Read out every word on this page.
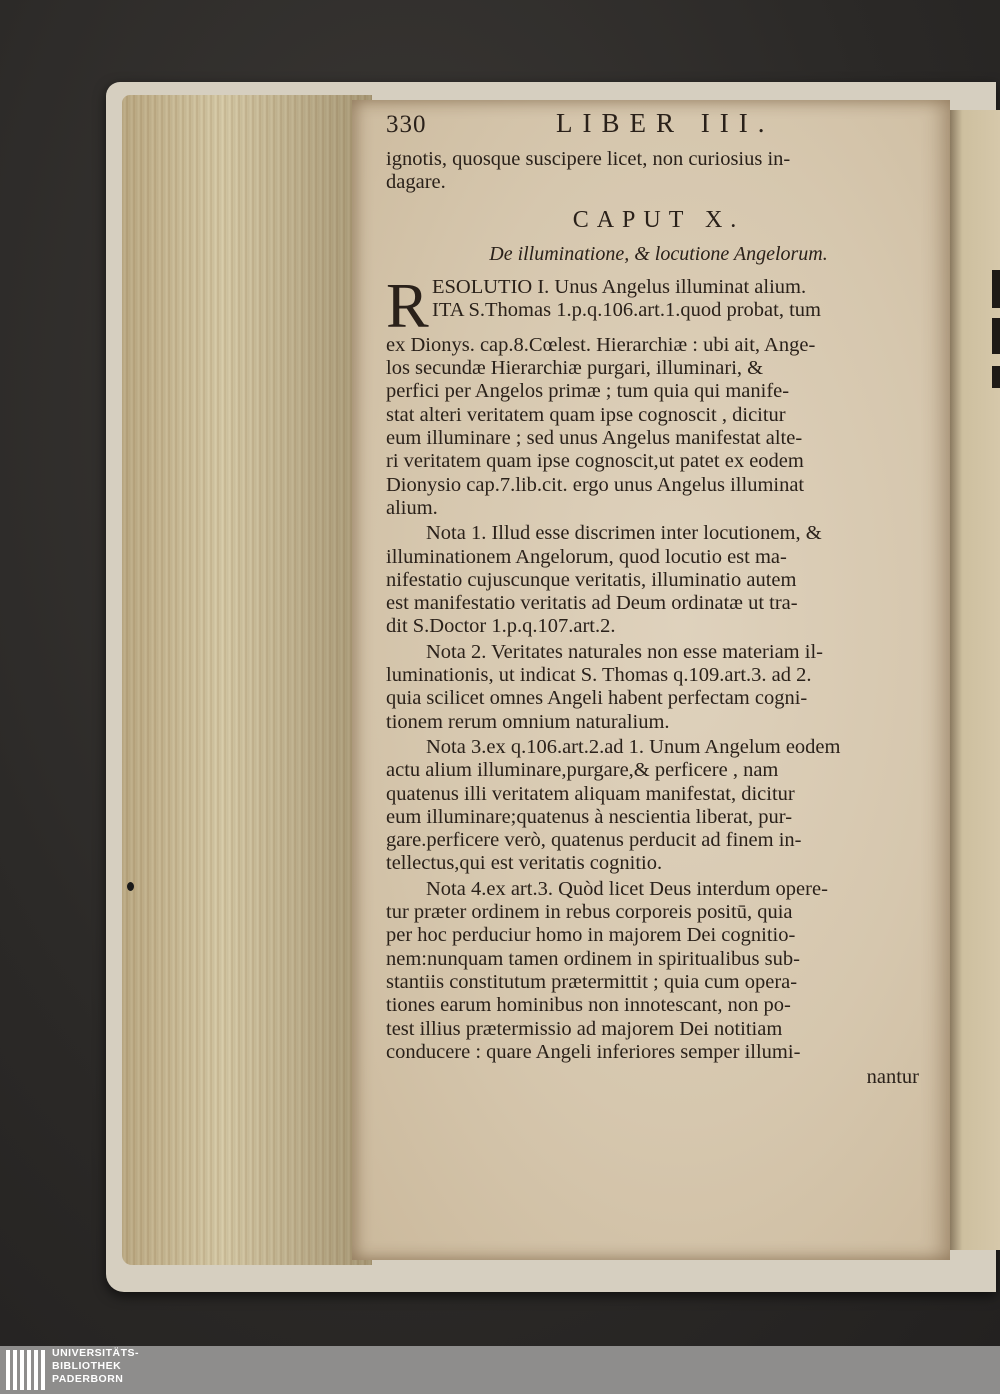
330	LIBER III.
ignotis, quosque suscipere licet, non curiosius in-
dagare.
CAPUT X.
De illuminatione, & locutione Angelorum.
R ESOLUTIO I. Unus Angelus illuminat alium.
ITA S.Thomas 1.p.q.106.art.1.quod probat, tum
ex Dionys. cap.8.Cœlest. Hierarchiæ : ubi ait, Ange-
los secundæ Hierarchiæ purgari, illuminari, &
perfici per Angelos primæ ; tum quia qui manife-
stat alteri veritatem quam ipse cognoscit , dicitur
eum illuminare ; sed unus Angelus manifestat alte-
ri veritatem quam ipse cognoscit,ut patet ex eodem
Dionysio cap.7.lib.cit. ergo unus Angelus illuminat
alium.
Nota 1. Illud esse discrimen inter locutionem, &
illuminationem Angelorum, quod locutio est ma-
nifestatio cujuscunque veritatis, illuminatio autem
est manifestatio veritatis ad Deum ordinatæ ut tra-
dit S.Doctor 1.p.q.107.art.2.
Nota 2. Veritates naturales non esse materiam il-
luminationis, ut indicat S. Thomas q.109.art.3. ad 2.
quia scilicet omnes Angeli habent perfectam cogni-
tionem rerum omnium naturalium.
Nota 3.ex q.106.art.2.ad 1. Unum Angelum eodem
actu alium illuminare,purgare,& perficere , nam
quatenus illi veritatem aliquam manifestat, dicitur
eum illuminare;quatenus à nescientia liberat, pur-
gare.perficere verò, quatenus perducit ad finem in-
tellectus,qui est veritatis cognitio.
Nota 4.ex art.3. Quòd licet Deus interdum opere-
tur præter ordinem in rebus corporeis positū, quia
per hoc perduciur homo in majorem Dei cognitio-
nem:nunquam tamen ordinem in spiritualibus sub-
stantiis constitutum prætermittit ; quia cum opera-
tiones earum hominibus non innotescant, non po-
test illius prætermissio ad majorem Dei notitiam
conducere : quare Angeli inferiores semper illumi-
nantur
UNIVERSITÄTS-
BIBLIOTHEK
PADERBORN
